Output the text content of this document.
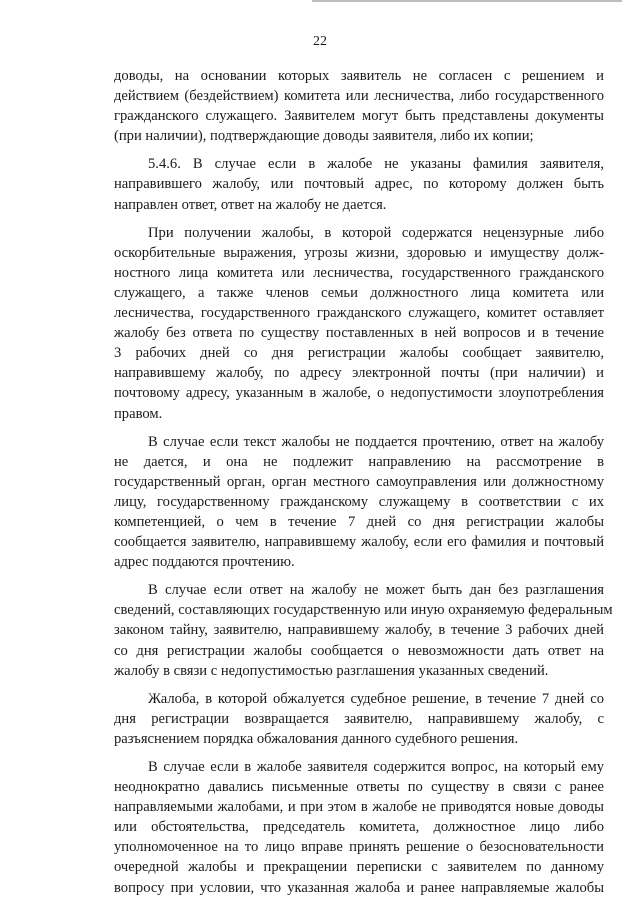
22
доводы, на основании которых заявитель не согласен с решением и
действием (бездействием) комитета или лесничества, либо государственного
гражданского служащего. Заявителем могут быть представлены документы
(при наличии), подтверждающие доводы заявителя, либо их копии;
5.4.6. В случае если в жалобе не указаны фамилия заявителя,
направившего жалобу, или почтовый адрес, по которому должен быть
направлен ответ, ответ на жалобу не дается.
При получении жалобы, в которой содержатся нецензурные либо
оскорбительные выражения, угрозы жизни, здоровью и имуществу долж-
ностного лица комитета или лесничества, государственного гражданского
служащего, а также членов семьи должностного лица комитета или
лесничества, государственного гражданского служащего, комитет оставляет
жалобу без ответа по существу поставленных в ней вопросов и в течение
3 рабочих дней со дня регистрации жалобы сообщает заявителю,
направившему жалобу, по адресу электронной почты (при наличии) и
почтовому адресу, указанным в жалобе, о недопустимости злоупотребления
правом.
В случае если текст жалобы не поддается прочтению, ответ на жалобу
не дается, и она не подлежит направлению на рассмотрение в
государственный орган, орган местного самоуправления или должностному
лицу, государственному гражданскому служащему в соответствии с их
компетенцией, о чем в течение 7 дней со дня регистрации жалобы
сообщается заявителю, направившему жалобу, если его фамилия и почтовый
адрес поддаются прочтению.
В случае если ответ на жалобу не может быть дан без разглашения
сведений, составляющих государственную или иную охраняемую федеральным
законом тайну, заявителю, направившему жалобу, в течение 3 рабочих дней
со дня регистрации жалобы сообщается о невозможности дать ответ на
жалобу в связи с недопустимостью разглашения указанных сведений.
Жалоба, в которой обжалуется судебное решение, в течение 7 дней со
дня регистрации возвращается заявителю, направившему жалобу, с
разъяснением порядка обжалования данного судебного решения.
В случае если в жалобе заявителя содержится вопрос, на который ему
неоднократно давались письменные ответы по существу в связи с ранее
направляемыми жалобами, и при этом в жалобе не приводятся новые доводы
или обстоятельства, председатель комитета, должностное лицо либо
уполномоченное на то лицо вправе принять решение о безосновательности
очередной жалобы и прекращении переписки с заявителем по данному
вопросу при условии, что указанная жалоба и ранее направляемые жалобы
